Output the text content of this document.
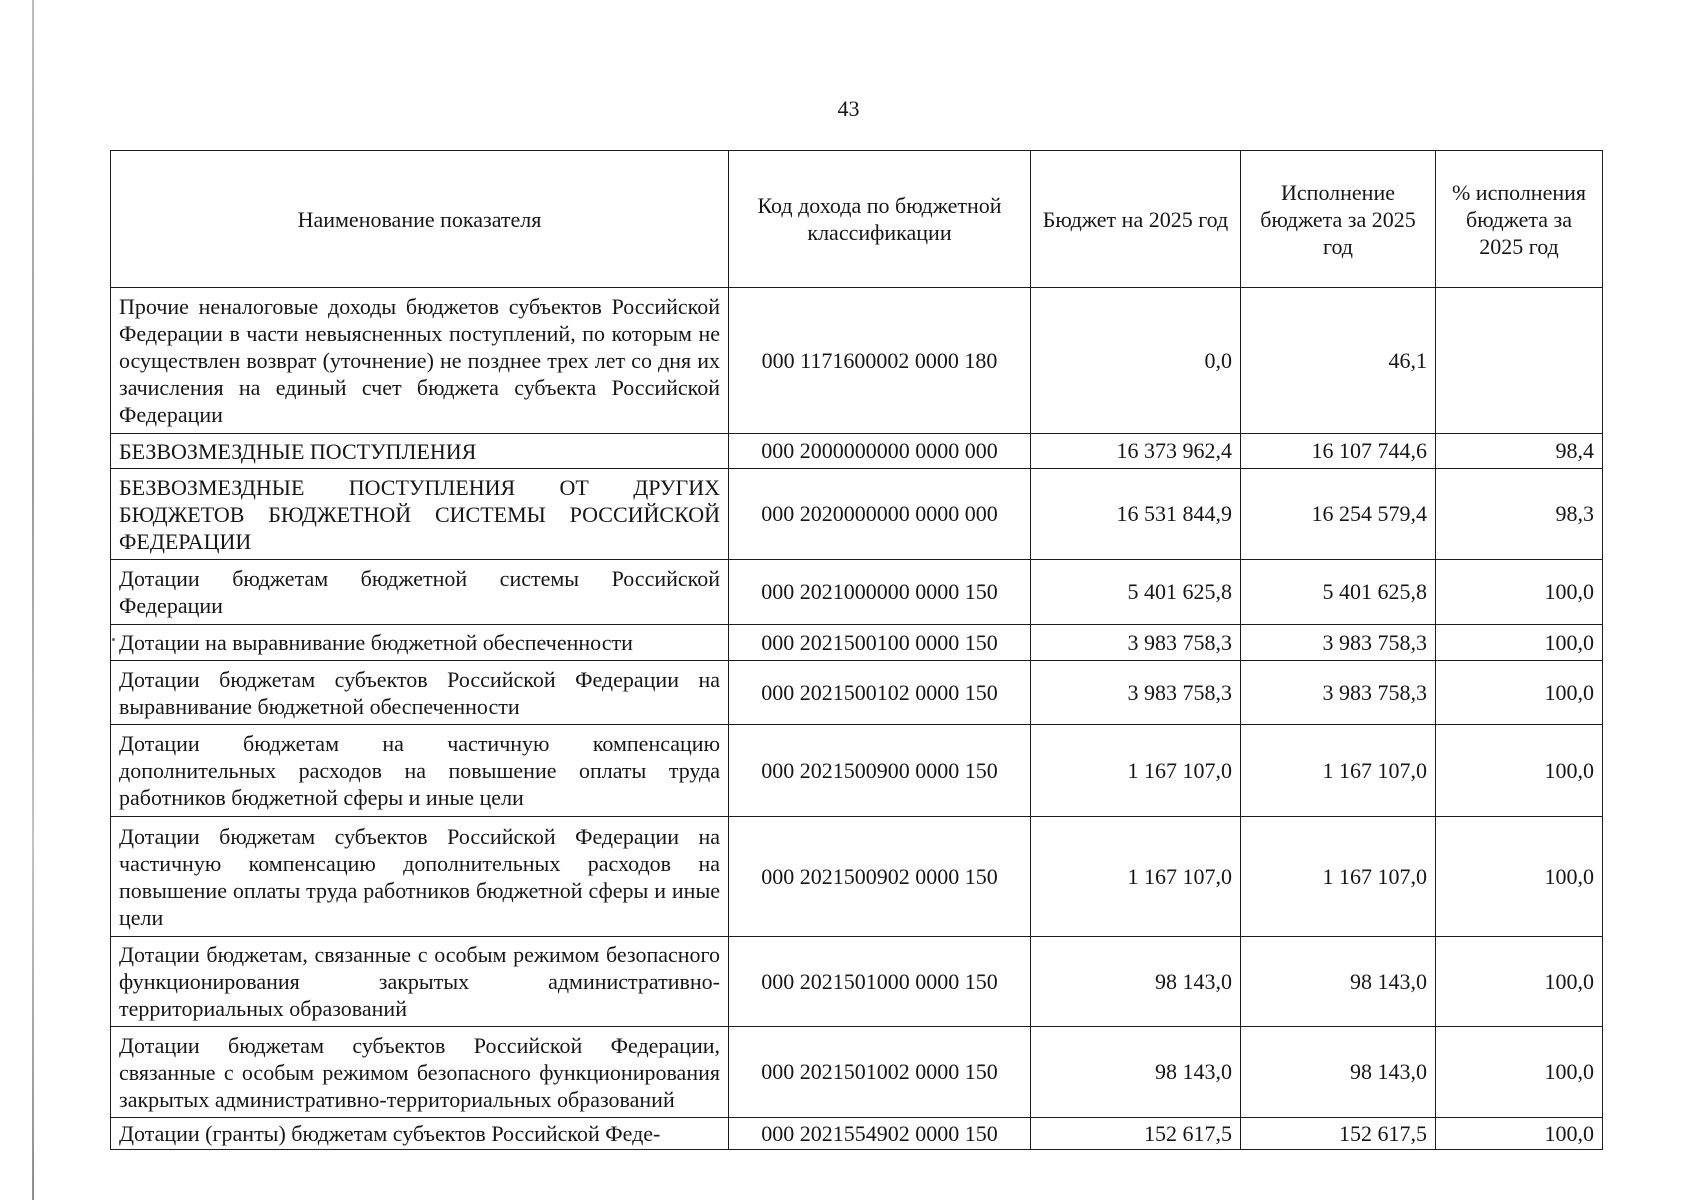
43
Наименование показателя	Код дохода по бюджетной классификации	Бюджет на 2025 год	Исполнение бюджета за 2025 год	% исполнения бюджета за 2025 год
Прочие неналоговые доходы бюджетов субъектов Российской Федерации в части невыясненных поступлений, по которым не осуществлен возврат (уточнение) не позднее трех лет со дня их зачисления на единый счет бюджета субъекта Российской Федерации	000 1171600002 0000 180	0,0	46,1	
БЕЗВОЗМЕЗДНЫЕ ПОСТУПЛЕНИЯ	000 2000000000 0000 000	16 373 962,4	16 107 744,6	98,4
БЕЗВОЗМЕЗДНЫЕ ПОСТУПЛЕНИЯ ОТ ДРУГИХ БЮДЖЕТОВ БЮДЖЕТНОЙ СИСТЕМЫ РОССИЙСКОЙ ФЕДЕРАЦИИ	000 2020000000 0000 000	16 531 844,9	16 254 579,4	98,3
Дотации бюджетам бюджетной системы Российской Федерации	000 2021000000 0000 150	5 401 625,8	5 401 625,8	100,0
Дотации на выравнивание бюджетной обеспеченности	000 2021500100 0000 150	3 983 758,3	3 983 758,3	100,0
Дотации бюджетам субъектов Российской Федерации на выравнивание бюджетной обеспеченности	000 2021500102 0000 150	3 983 758,3	3 983 758,3	100,0
Дотации бюджетам на частичную компенсацию дополнительных расходов на повышение оплаты труда работников бюджетной сферы и иные цели	000 2021500900 0000 150	1 167 107,0	1 167 107,0	100,0
Дотации бюджетам субъектов Российской Федерации на частичную компенсацию дополнительных расходов на повышение оплаты труда работников бюджетной сферы и иные цели	000 2021500902 0000 150	1 167 107,0	1 167 107,0	100,0
Дотации бюджетам, связанные с особым режимом безопасного функционирования закрытых административно-территориальных образований	000 2021501000 0000 150	98 143,0	98 143,0	100,0
Дотации бюджетам субъектов Российской Федерации, связанные с особым режимом безопасного функционирования закрытых административно-территориальных образований	000 2021501002 0000 150	98 143,0	98 143,0	100,0
Дотации (гранты) бюджетам субъектов Российской Феде-	000 2021554902 0000 150	152 617,5	152 617,5	100,0
